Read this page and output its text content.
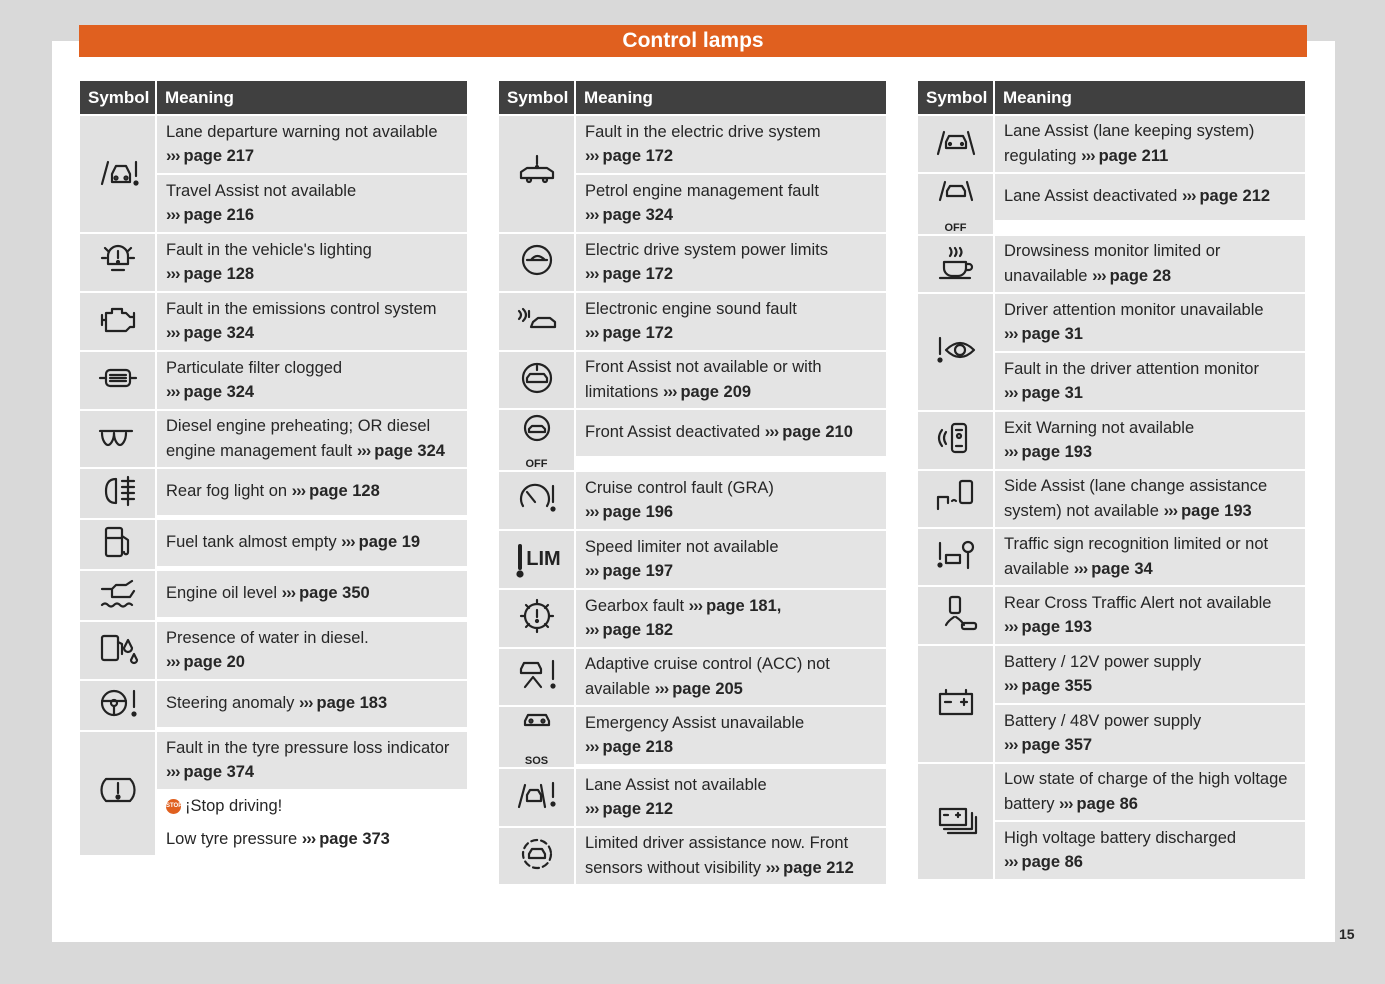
Control lamps
Symbol Meaning
Lane departure warning not available
››› page 217
Travel Assist not available
››› page 216
Fault in the vehicle's lighting
››› page 128
Fault in the emissions control system
››› page 324
Particulate filter clogged
››› page 324
Diesel engine preheating; OR diesel engine management fault ››› page 324
Rear fog light on ››› page 128
Fuel tank almost empty ››› page 19
Engine oil level ››› page 350
Presence of water in diesel.
››› page 20
Steering anomaly ››› page 183
Fault in the tyre pressure loss indicator
››› page 374
STOP ¡Stop driving!
Low tyre pressure ››› page 373
Symbol Meaning
Fault in the electric drive system
››› page 172
Petrol engine management fault
››› page 324
Electric drive system power limits
››› page 172
Electronic engine sound fault
››› page 172
Front Assist not available or with limitations ››› page 209
OFF
Front Assist deactivated ››› page 210
Cruise control fault (GRA)
››› page 196
LIM
Speed limiter not available
››› page 197
Gearbox fault ››› page 181,
››› page 182
Adaptive cruise control (ACC) not available ››› page 205
SOS
Emergency Assist unavailable
››› page 218
Lane Assist not available
››› page 212
Limited driver assistance now. Front sensors without visibility ››› page 212
Symbol Meaning
Lane Assist (lane keeping system) regulating ››› page 211
OFF
Lane Assist deactivated ››› page 212
Drowsiness monitor limited or unavailable ››› page 28
Driver attention monitor unavailable
››› page 31
Fault in the driver attention monitor
››› page 31
Exit Warning not available
››› page 193
Side Assist (lane change assistance system) not available ››› page 193
Traffic sign recognition limited or not available ››› page 34
Rear Cross Traffic Alert not available
››› page 193
Battery / 12V power supply
››› page 355
Battery / 48V power supply
››› page 357
Low state of charge of the high voltage battery ››› page 86
High voltage battery discharged
››› page 86
15
